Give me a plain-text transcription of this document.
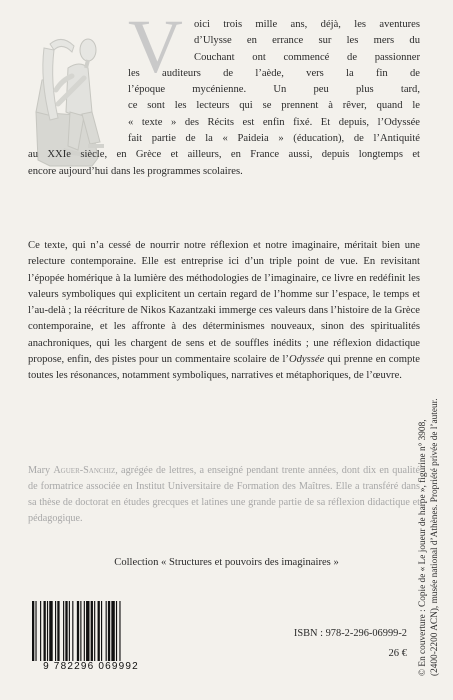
V oici trois mille ans, déjà, les aventures
d’Ulysse en errance sur les mers du
Couchant ont commencé de passionner
les auditeurs de l’aède, vers la fin de
l’époque mycénienne. Un peu plus tard,
ce sont les lecteurs qui se prennent à rêver, quand le
« texte » des Récits est enfin fixé. Et depuis, l’Odyssée
fait partie de la « Paideia » (éducation), de l’Antiquité
au XXIe siècle, en Grèce et ailleurs, en France aussi, depuis longtemps et
encore aujourd’hui dans les programmes scolaires.
Ce texte, qui n’a cessé de nourrir notre réflexion et notre imaginaire, méritait bien une relecture contemporaine. Elle est entreprise ici d’un triple point de vue. En revisitant l’épopée homérique à la lumière des méthodologies de l’imaginaire, ce livre en redéfinit les valeurs symboliques qui explicitent un certain regard de l’homme sur l’espace, le temps et l’au-delà ; la réécriture de Nikos Kazantzaki immerge ces valeurs dans l’histoire de la Grèce contemporaine, et les affronte à des déterminismes nouveaux, sinon des spiritualités anachroniques, qui les chargent de sens et de souffles inédits ; une réflexion didactique propose, enfin, des pistes pour un commentaire scolaire de l’Odyssée qui prenne en compte toutes les résonances, notamment symboliques, narratives et métaphoriques, de l’œuvre.
Mary Aguer-Sanchiz, agrégée de lettres, a enseigné pendant trente années, dont dix en qualité de formatrice associée en Institut Universitaire de Formation des Maîtres. Elle a transféré dans sa thèse de doctorat en études grecques et latines une grande partie de sa réflexion didactique et pédagogique.
Collection « Structures et pouvoirs des imaginaires »
9 782296 069992
ISBN : 978-2-296-06999-2
26 € © En couverture : Copie de « Le joueur de harpe », figurine n° 3908, (2400-2200 ACN), musée national d’Athènes. Propriété privée de l’auteur.
